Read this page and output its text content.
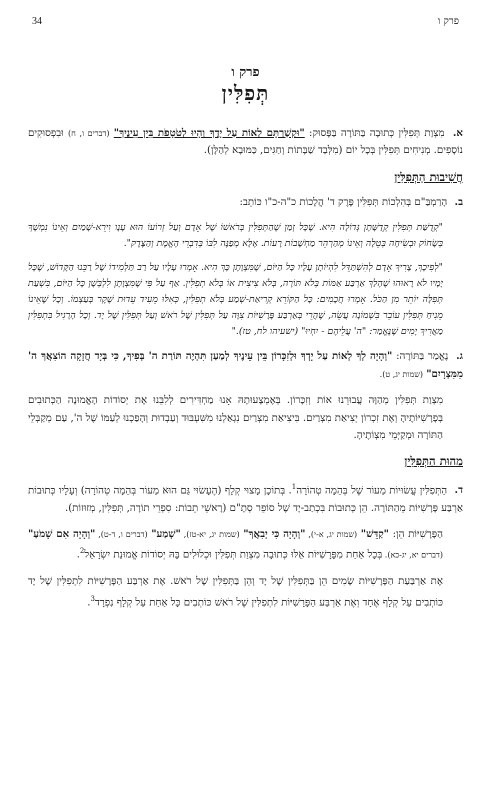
34	פרק ו
פרק ו
תְּפִלִּין

א. מִצְוַת תְּפִלִּין כְּתוּבָה בַּתּוֹרָה בַּפָּסוּק: "וּקְשַׁרְתָּם לְאוֹת עַל יָדֶךָ וְהָיוּ לְטֹטָפֹת בֵּין עֵינֶיךָ" (דברים ו, ח) וּבִפְסוּקִים נוֹסָפִים. מְנִיחִים תְּפִלִּין בְּכָל יוֹם (מִלְּבַד שַׁבָּתוֹת וְחַגִּים, כַּמּוּבָא לְהַלָּן).

חֲשִׁיבוּת הַתְּפִלִּין

ב. הָרַמְבַּ"ם בְּהִלְכוֹת תְּפִלִּין פֶּרֶק ד' הֲלָכוֹת כ"ה-כ"ו כּוֹתֵב:

"קְדֻשַּׁת תְּפִלִּין קְדֻשָּׁתָן גְּדוֹלָה הִיא. שֶׁכָּל זְמַן שֶׁהַתְּפִלִּין בְּרֹאשׁוֹ שֶׁל אָדָם וְעַל זְרוֹעוֹ הוּא עָנָו וִירֵא-שָׁמַיִם וְאֵינוֹ נִמְשָׁךְ בְּשָׂחוֹק וּבְשִׂיחָה בְּטֵלָה וְאֵינוֹ מְהַרְהֵר מַחְשָׁבוֹת רָעוֹת. אֶלָּא מְפַנֶּה לִבּוֹ בְּדִבְרֵי הָאֱמֶת וְהַצֶּדֶק".

"לְפִיכָךְ, צָרִיךְ אָדָם לְהִשְׁתַּדֵּל לִהְיוֹתָן עָלָיו כָּל הַיּוֹם, שֶׁמִּצְוָתָן כָּךְ הִיא. אָמְרוּ עָלָיו עַל רַב תַּלְמִידוֹ שֶׁל רַבֵּנוּ הַקָּדוֹשׁ, שֶׁכָּל יָמָיו לֹא רָאוּהוּ שֶׁהָלַךְ אַרְבַּע אַמּוֹת בְּלֹא תּוֹרָה, בְּלֹא צִיצִית אוֹ בְּלֹא תְפִלִּין. אַף עַל פִּי שֶׁמִּצְוָתָן לִלְבְּשָׁן כָּל הַיּוֹם, בִּשְׁעַת תְּפִלָּה יוֹתֵר מִן הַכֹּל. אָמְרוּ חֲכָמִים: כָּל הַקּוֹרֵא קְרִיאַת-שְׁמַע בְּלֹא תְפִלִּין, כְּאִלּוּ מֵעִיד עֵדוּת שֶׁקֶר בְּעַצְמוֹ. וְכָל שֶׁאֵינוֹ מֵנִיחַ תְּפִלִּין עוֹבֵר בִּשְׁמוֹנָה עֲשֵׂה, שֶׁהֲרֵי בְּאַרְבַּע פָּרָשִׁיּוֹת צִוָּה עַל תְּפִלִּין שֶׁל רֹאשׁ וְעַל תְּפִלִּין שֶׁל יָד. וְכָל הָרָגִיל בִּתְפִלִּין מַאֲרִיךְ יָמִים שֶׁנֶּאֱמַר: "ה' עֲלֵיהֶם - יִחְיוּ" (ישעיהו לח, טז)."

ג. נֶאֱמַר בַּתּוֹרָה: "וְהָיָה לְךָ לְאוֹת עַל יָדְךָ וּלְזִכָּרוֹן בֵּין עֵינֶיךָ לְמַעַן תִּהְיֶה תּוֹרַת ה' בְּפִיךָ, כִּי בְּיָד חֲזָקָה הוֹצִאֲךָ ה' מִמִּצְרָיִם" (שמות יג, ט).

מִצְוַת תְּפִלִּין מְהַוָּה עֲבוּרֵנוּ אוֹת וְזִכָּרוֹן. בְּאֶמְצָעוּתָהּ אָנוּ מַחְדִּירִים לְלִבֵּנוּ אֶת יְסוֹדוֹת הָאֱמוּנָה הַכְּתוּבִים בְּפָרָשִׁיּוֹתֶיהָ וְאֶת זִכְרוֹן יְצִיאַת מִצְרַיִם. בִּיצִיאַת מִצְרַיִם נִגְאַלְנוּ מִשִּׁעְבּוּד וְעַבְדוּת וְהָפַכְנוּ לְעַמּוֹ שֶׁל ה', עַם מְקַבְּלֵי הַתּוֹרָה וּמְקַיְּמֵי מִצְוֹתֶיהָ.

מַהוּת הַתְּפִלִּין

ד. הַתְּפִלִּין עֲשׂוּיוֹת מֵעוֹר שֶׁל בְּהֵמָה טְהוֹרָה$^1$. בְּתוֹכָן מָצוּי קְלָף (הֶעָשׂוּי גַּם הוּא מֵעוֹר בְּהֵמָה טְהוֹרָה) וְעָלָיו כְּתוּבוֹת אַרְבַּע פָּרָשִׁיּוֹת מֵהַתּוֹרָה. הֵן כְּתוּבוֹת בִּכְתַב-יָד שֶׁל סוֹפֵר סְתָ"ם (רָאשֵׁי תֵבוֹת: סִפְרֵי תוֹרָה, תְּפִלִּין, מְזוּזוֹת).

הַפָּרָשִׁיּוֹת הֵן: "קַדֵּשׁ" (שמות יג, א-י), "וְהָיָה כִּי יְבִאֲךָ" (שמות יג, יא-טז), "שְׁמַע" (דברים ו, ד-ט), "וְהָיָה אִם שָׁמֹעַ" (דברים יא, יג-כא). בְּכָל אַחַת מִפָּרָשִׁיּוֹת אֵלּוּ כְּתוּבָה מִצְוַת תְּפִלִּין וּכְלוּלִים בָּהּ יְסוֹדוֹת אֱמוּנַת יִשְׂרָאֵל$^2$.

אֶת אַרְבַּעַת הַפָּרָשִׁיּוֹת שָׂמִים הֵן בַּתְּפִלִּין שֶׁל יָד וְהֵן בַּתְּפִלִּין שֶׁל רֹאשׁ. אֶת אַרְבַּע הַפָּרָשִׁיּוֹת לִתְפִלִּין שֶׁל יָד כּוֹתְבִים עַל קְלָף אֶחָד וְאֶת אַרְבַּע הַפָּרָשִׁיּוֹת לִתְפִלִּין שֶׁל רֹאשׁ כּוֹתְבִים כָּל אַחַת עַל קְלָף נִפְרָד$^3$.
